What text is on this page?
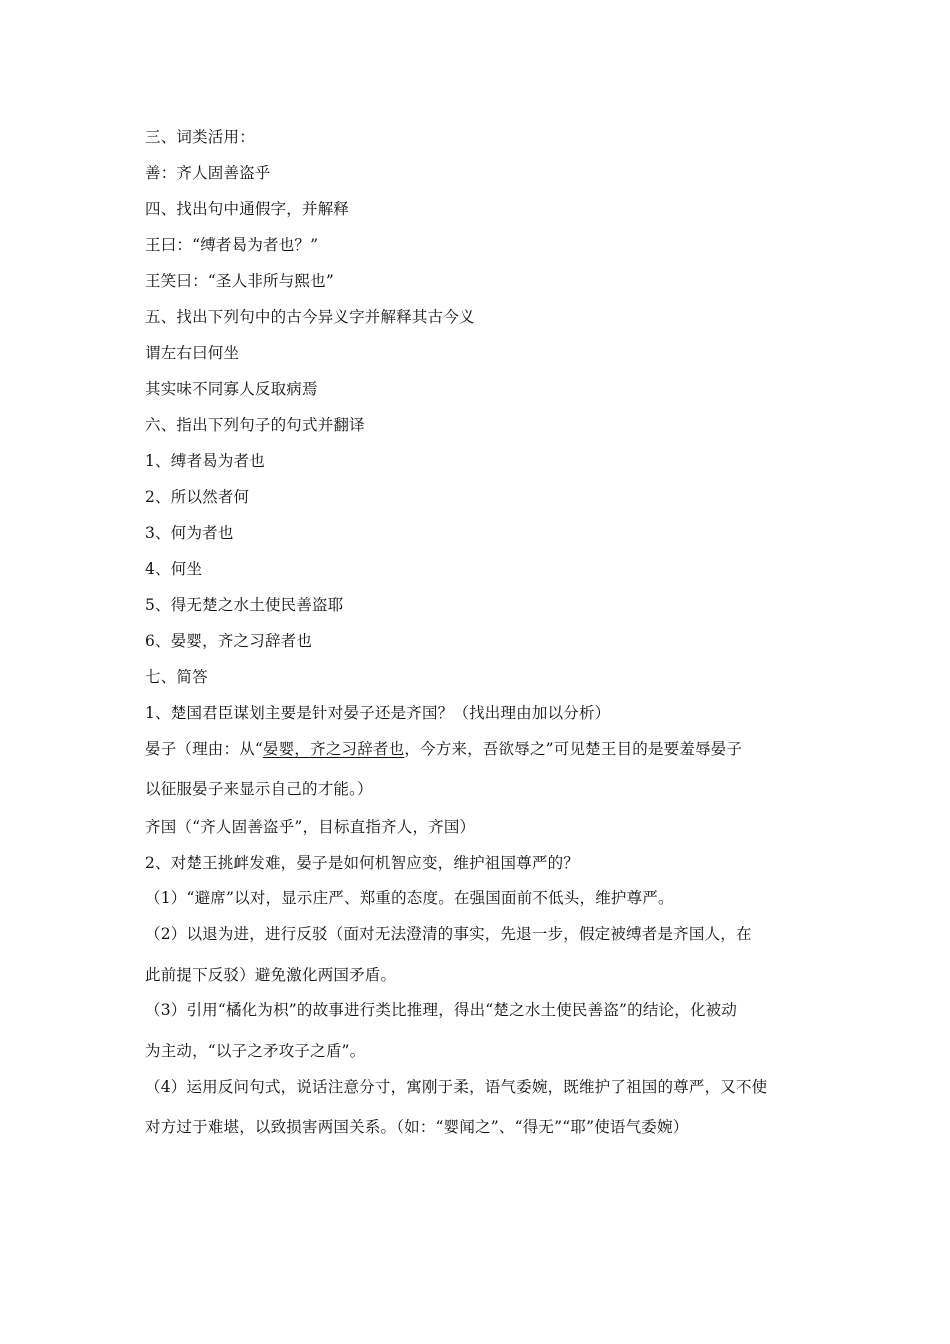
三、词类活用：
善：齐人固善盗乎
四、找出句中通假字，并解释
王曰：“缚者曷为者也？”
王笑曰：“圣人非所与熙也”
五、找出下列句中的古今异义字并解释其古今义
谓左右曰何坐
其实味不同寡人反取病焉
六、指出下列句子的句式并翻译
1、缚者曷为者也
2、所以然者何
3、何为者也
4、何坐
5、得无楚之水土使民善盗耶
6、晏婴，齐之习辞者也
七、简答
1、楚国君臣谋划主要是针对晏子还是齐国？（找出理由加以分析）
晏子（理由：从“晏婴，齐之习辞者也，今方来，吾欲辱之”可见楚王目的是要羞辱晏子
以征服晏子来显示自己的才能。）
齐国（“齐人固善盗乎”，目标直指齐人，齐国）
2、对楚王挑衅发难，晏子是如何机智应变，维护祖国尊严的？
（1）“避席”以对，显示庄严、郑重的态度。在强国面前不低头，维护尊严。
（2）以退为进，进行反驳（面对无法澄清的事实，先退一步，假定被缚者是齐国人，在
此前提下反驳）避免激化两国矛盾。
（3）引用“橘化为枳”的故事进行类比推理，得出“楚之水土使民善盗”的结论，化被动
为主动，“以子之矛攻子之盾”。
（4）运用反问句式，说话注意分寸，寓刚于柔，语气委婉，既维护了祖国的尊严，又不使
对方过于难堪，以致损害两国关系。（如：“婴闻之”、“得无”“耶”使语气委婉）
